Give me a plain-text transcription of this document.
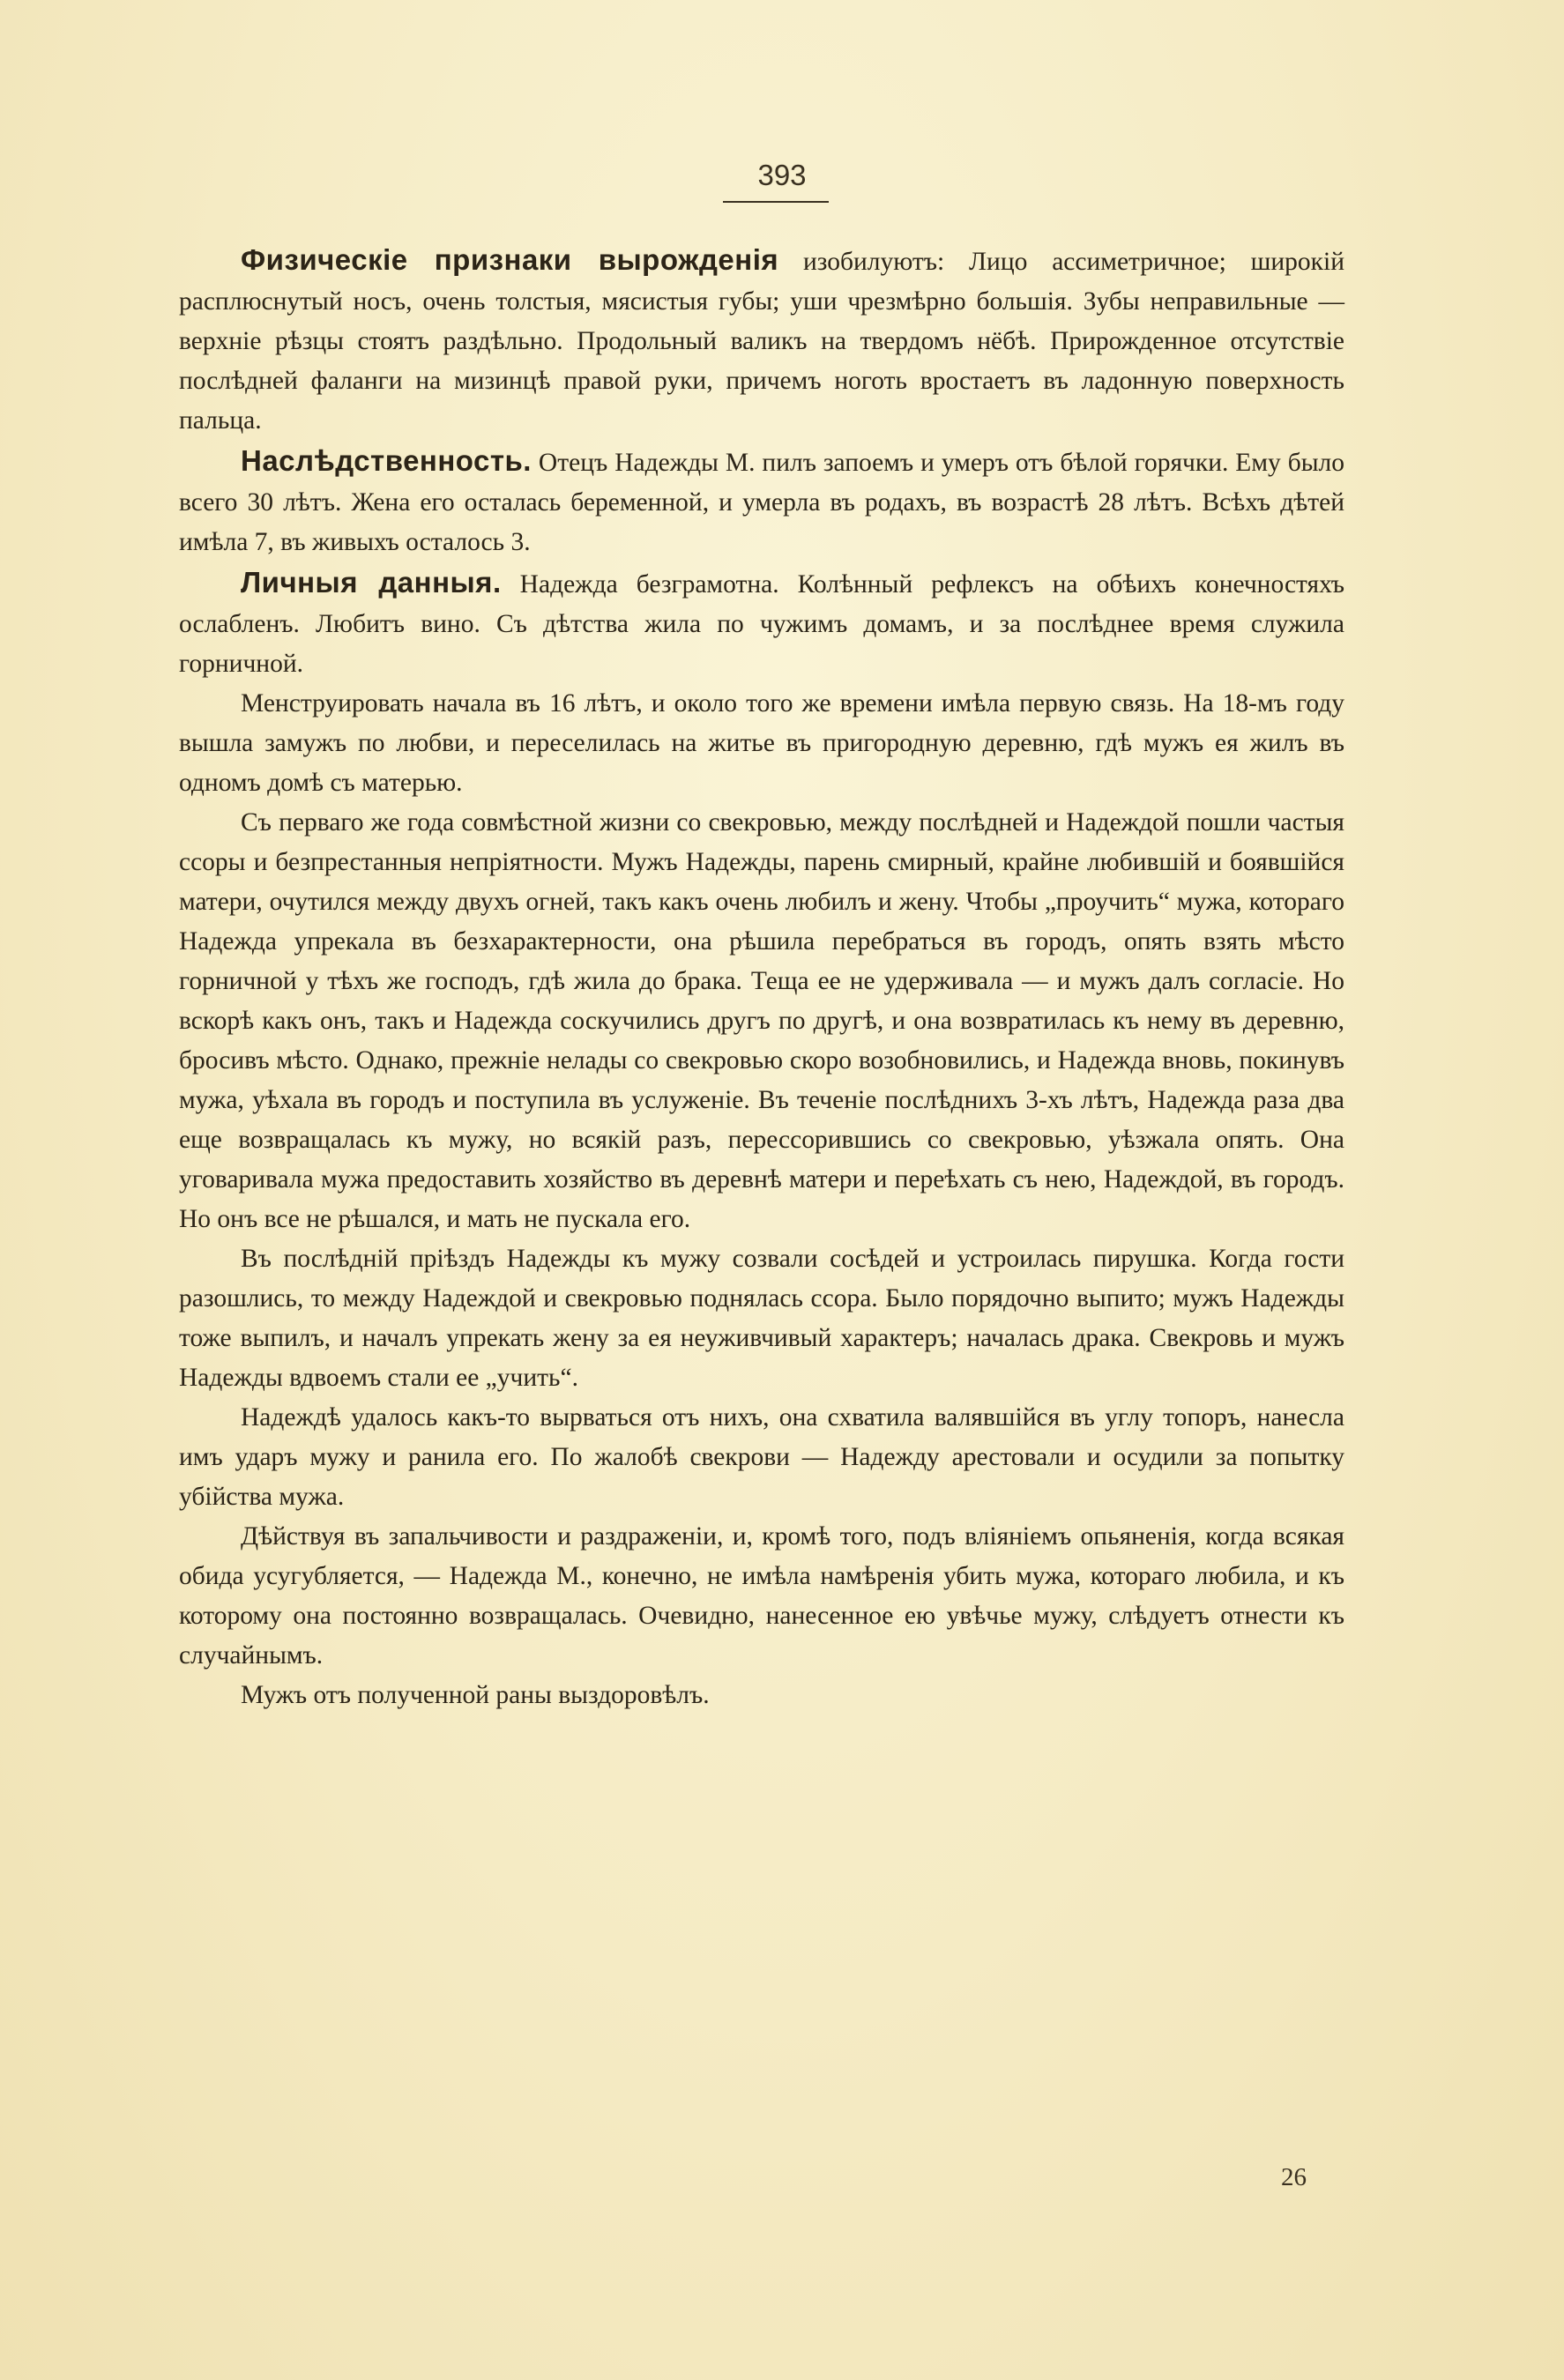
393

Физическiе признаки вырожденiя изобилуютъ: Лицо ассиметричное; широкiй расплюснутый носъ, очень толстыя, мясистыя губы; уши чрезмѣрно большiя. Зубы неправильные — верхнiе рѣзцы стоятъ раздѣльно. Продольный валикъ на твердомъ нёбѣ. Прирожденное отсутствiе послѣдней фаланги на мизинцѣ правой руки, причемъ ноготь вростаетъ въ ладонную поверхность пальца.

Наслѣдственность. Отецъ Надежды М. пилъ запоемъ и умеръ отъ бѣлой горячки. Ему было всего 30 лѣтъ. Жена его осталась беременной, и умерла въ родахъ, въ возрастѣ 28 лѣтъ. Всѣхъ дѣтей имѣла 7, въ живыхъ осталось 3.

Личныя данныя. Надежда безграмотна. Колѣнный рефлексъ на обѣихъ конечностяхъ ослабленъ. Любитъ вино. Съ дѣтства жила по чужимъ домамъ, и за послѣднее время служила горничной.

Менструировать начала въ 16 лѣтъ, и около того же времени имѣла первую связь. На 18-мъ году вышла замужъ по любви, и переселилась на житье въ пригородную деревню, гдѣ мужъ ея жилъ въ одномъ домѣ съ матерью.

Съ перваго же года совмѣстной жизни со свекровью, между послѣдней и Надеждой пошли частыя ссоры и безпрестанныя непрiятности. Мужъ Надежды, парень смирный, крайне любившiй и боявшiйся матери, очутился между двухъ огней, такъ какъ очень любилъ и жену. Чтобы „проучить“ мужа, котораго Надежда упрекала въ безхарактерности, она рѣшила перебраться въ городъ, опять взять мѣсто горничной у тѣхъ же господъ, гдѣ жила до брака. Теща ее не удерживала — и мужъ далъ согласiе. Но вскорѣ какъ онъ, такъ и Надежда соскучились другъ по другѣ, и она возвратилась къ нему въ деревню, бросивъ мѣсто. Однако, прежнiе нелады со свекровью скоро возобновились, и Надежда вновь, покинувъ мужа, уѣхала въ городъ и поступила въ услуженiе. Въ теченiе послѣднихъ 3-хъ лѣтъ, Надежда раза два еще возвращалась къ мужу, но всякiй разъ, перессорившись со свекровью, уѣзжала опять. Она уговаривала мужа предоставить хозяйство въ деревнѣ матери и переѣхать съ нею, Надеждой, въ городъ. Но онъ все не рѣшался, и мать не пускала его.

Въ послѣднiй прiѣздъ Надежды къ мужу созвали сосѣдей и устроилась пирушка. Когда гости разошлись, то между Надеждой и свекровью поднялась ссора. Было порядочно выпито; мужъ Надежды тоже выпилъ, и началъ упрекать жену за ея неуживчивый характеръ; началась драка. Свекровь и мужъ Надежды вдвоемъ стали ее „учить“.

Надеждѣ удалось какъ-то вырваться отъ нихъ, она схватила валявшiйся въ углу топоръ, нанесла имъ ударъ мужу и ранила его. По жалобѣ свекрови — Надежду арестовали и осудили за попытку убiйства мужа.

Дѣйствуя въ запальчивости и раздраженiи, и, кромѣ того, подъ влiянiемъ опьяненiя, когда всякая обида усугубляется, — Надежда М., конечно, не имѣла намѣренiя убить мужа, котораго любила, и къ которому она постоянно возвращалась. Очевидно, нанесенное ею увѣчье мужу, слѣдуетъ отнести къ случайнымъ.

Мужъ отъ полученной раны выздоровѣлъ.

26
